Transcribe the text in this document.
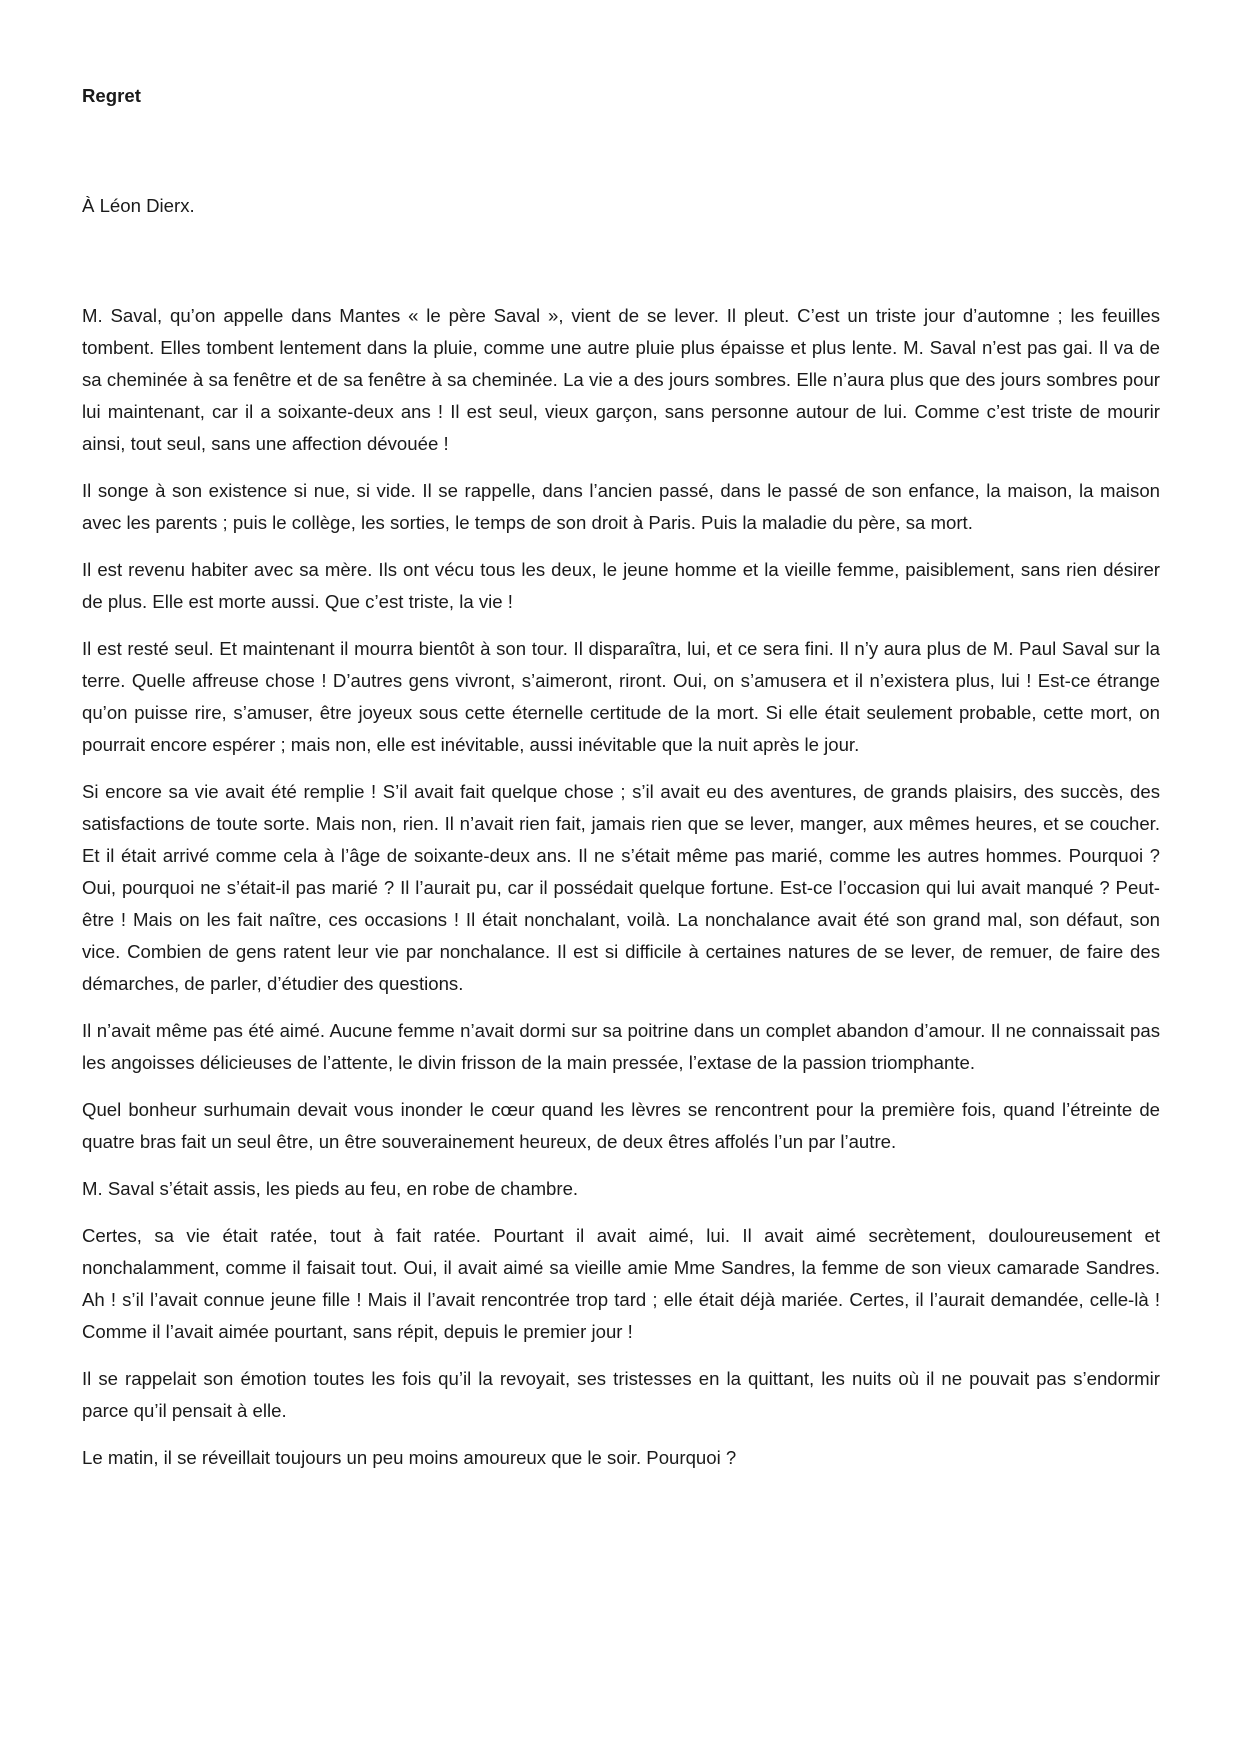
Regret
À Léon Dierx.

M. Saval, qu’on appelle dans Mantes « le père Saval », vient de se lever. Il pleut. C’est un triste jour d’automne ; les feuilles tombent. Elles tombent lentement dans la pluie, comme une autre pluie plus épaisse et plus lente. M. Saval n’est pas gai. Il va de sa cheminée à sa fenêtre et de sa fenêtre à sa cheminée. La vie a des jours sombres. Elle n’aura plus que des jours sombres pour lui maintenant, car il a soixante-deux ans ! Il est seul, vieux garçon, sans personne autour de lui. Comme c’est triste de mourir ainsi, tout seul, sans une affection dévouée !

Il songe à son existence si nue, si vide. Il se rappelle, dans l’ancien passé, dans le passé de son enfance, la maison, la maison avec les parents ; puis le collège, les sorties, le temps de son droit à Paris. Puis la maladie du père, sa mort.

Il est revenu habiter avec sa mère. Ils ont vécu tous les deux, le jeune homme et la vieille femme, paisiblement, sans rien désirer de plus. Elle est morte aussi. Que c’est triste, la vie !

Il est resté seul. Et maintenant il mourra bientôt à son tour. Il disparaîtra, lui, et ce sera fini. Il n’y aura plus de M. Paul Saval sur la terre. Quelle affreuse chose ! D’autres gens vivront, s’aimeront, riront. Oui, on s’amusera et il n’existera plus, lui ! Est-ce étrange qu’on puisse rire, s’amuser, être joyeux sous cette éternelle certitude de la mort. Si elle était seulement probable, cette mort, on pourrait encore espérer ; mais non, elle est inévitable, aussi inévitable que la nuit après le jour.

Si encore sa vie avait été remplie ! S’il avait fait quelque chose ; s’il avait eu des aventures, de grands plaisirs, des succès, des satisfactions de toute sorte. Mais non, rien. Il n’avait rien fait, jamais rien que se lever, manger, aux mêmes heures, et se coucher. Et il était arrivé comme cela à l’âge de soixante-deux ans. Il ne s’était même pas marié, comme les autres hommes. Pourquoi ? Oui, pourquoi ne s’était-il pas marié ? Il l’aurait pu, car il possédait quelque fortune. Est-ce l’occasion qui lui avait manqué ? Peut-être ! Mais on les fait naître, ces occasions ! Il était nonchalant, voilà. La nonchalance avait été son grand mal, son défaut, son vice. Combien de gens ratent leur vie par nonchalance. Il est si difficile à certaines natures de se lever, de remuer, de faire des démarches, de parler, d’étudier des questions.

Il n’avait même pas été aimé. Aucune femme n’avait dormi sur sa poitrine dans un complet abandon d’amour. Il ne connaissait pas les angoisses délicieuses de l’attente, le divin frisson de la main pressée, l’extase de la passion triomphante.

Quel bonheur surhumain devait vous inonder le cœur quand les lèvres se rencontrent pour la première fois, quand l’étreinte de quatre bras fait un seul être, un être souverainement heureux, de deux êtres affolés l’un par l’autre.

M. Saval s’était assis, les pieds au feu, en robe de chambre.

Certes, sa vie était ratée, tout à fait ratée. Pourtant il avait aimé, lui. Il avait aimé secrètement, douloureusement et nonchalamment, comme il faisait tout. Oui, il avait aimé sa vieille amie Mme Sandres, la femme de son vieux camarade Sandres. Ah ! s’il l’avait connue jeune fille ! Mais il l’avait rencontrée trop tard ; elle était déjà mariée. Certes, il l’aurait demandée, celle-là ! Comme il l’avait aimée pourtant, sans répit, depuis le premier jour !

Il se rappelait son émotion toutes les fois qu’il la revoyait, ses tristesses en la quittant, les nuits où il ne pouvait pas s’endormir parce qu’il pensait à elle.

Le matin, il se réveillait toujours un peu moins amoureux que le soir. Pourquoi ?
